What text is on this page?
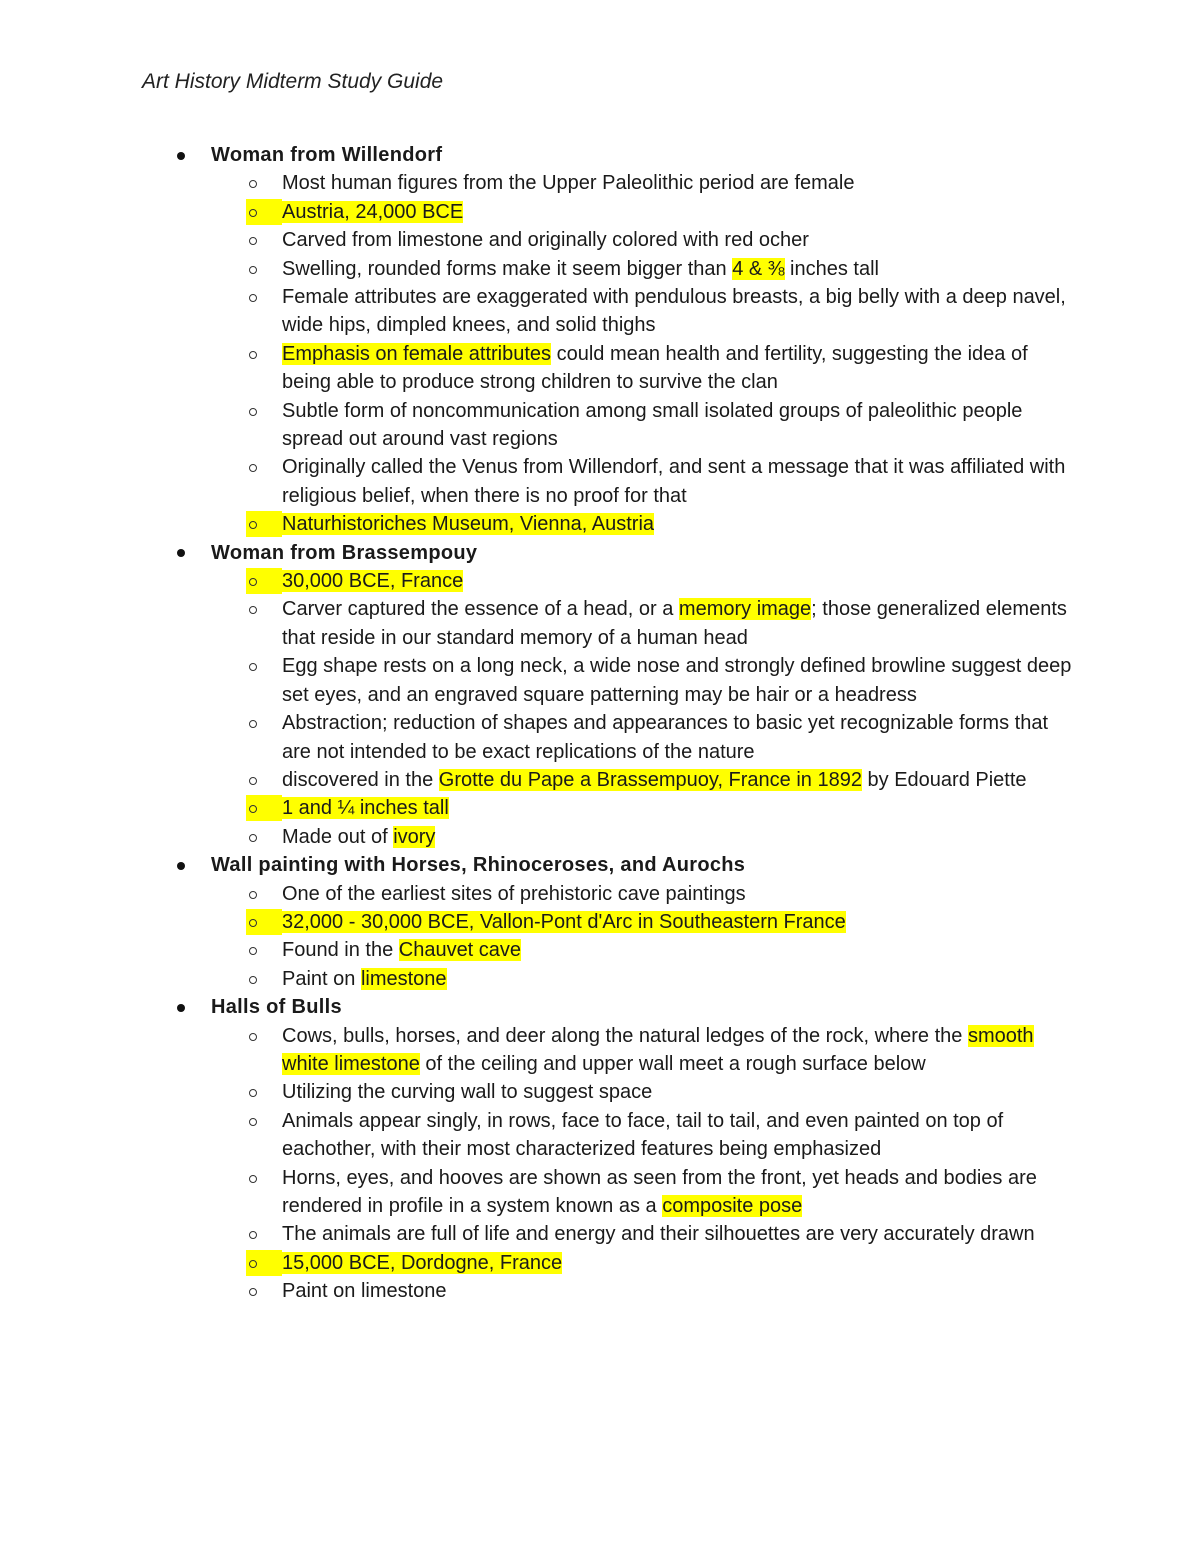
Art History Midterm Study Guide
Woman from Willendorf
Most human figures from the Upper Paleolithic period are female
Austria, 24,000 BCE
Carved from limestone and originally colored with red ocher
Swelling, rounded forms make it seem bigger than 4 & ⅜ inches tall
Female attributes are exaggerated with pendulous breasts, a big belly with a deep navel, wide hips, dimpled knees, and solid thighs
Emphasis on female attributes could mean health and fertility, suggesting the idea of being able to produce strong children to survive the clan
Subtle form of noncommunication among small isolated groups of paleolithic people spread out around vast regions
Originally called the Venus from Willendorf, and sent a message that it was affiliated with religious belief, when there is no proof for that
Naturhistoriches Museum, Vienna, Austria
Woman from Brassempouy
30,000 BCE, France
Carver captured the essence of a head, or a memory image; those generalized elements that reside in our standard memory of a human head
Egg shape rests on a long neck, a wide nose and strongly defined browline suggest deep set eyes, and an engraved square patterning may be hair or a headress
Abstraction; reduction of shapes and appearances to basic yet recognizable forms that are not intended to be exact replications of the nature
discovered in the Grotte du Pape a Brassempuoy, France in 1892 by Edouard Piette
1 and ¼ inches tall
Made out of ivory
Wall painting with Horses, Rhinoceroses, and Aurochs
One of the earliest sites of prehistoric cave paintings
32,000 - 30,000 BCE, Vallon-Pont d'Arc in Southeastern France
Found in the Chauvet cave
Paint on limestone
Halls of Bulls
Cows, bulls, horses, and deer along the natural ledges of the rock, where the smooth white limestone of the ceiling and upper wall meet a rough surface below
Utilizing the curving wall to suggest space
Animals appear singly, in rows, face to face, tail to tail, and even painted on top of eachother, with their most characterized features being emphasized
Horns, eyes, and hooves are shown as seen from the front, yet heads and bodies are rendered in profile in a system known as a composite pose
The animals are full of life and energy and their silhouettes are very accurately drawn
15,000 BCE, Dordogne, France
Paint on limestone
